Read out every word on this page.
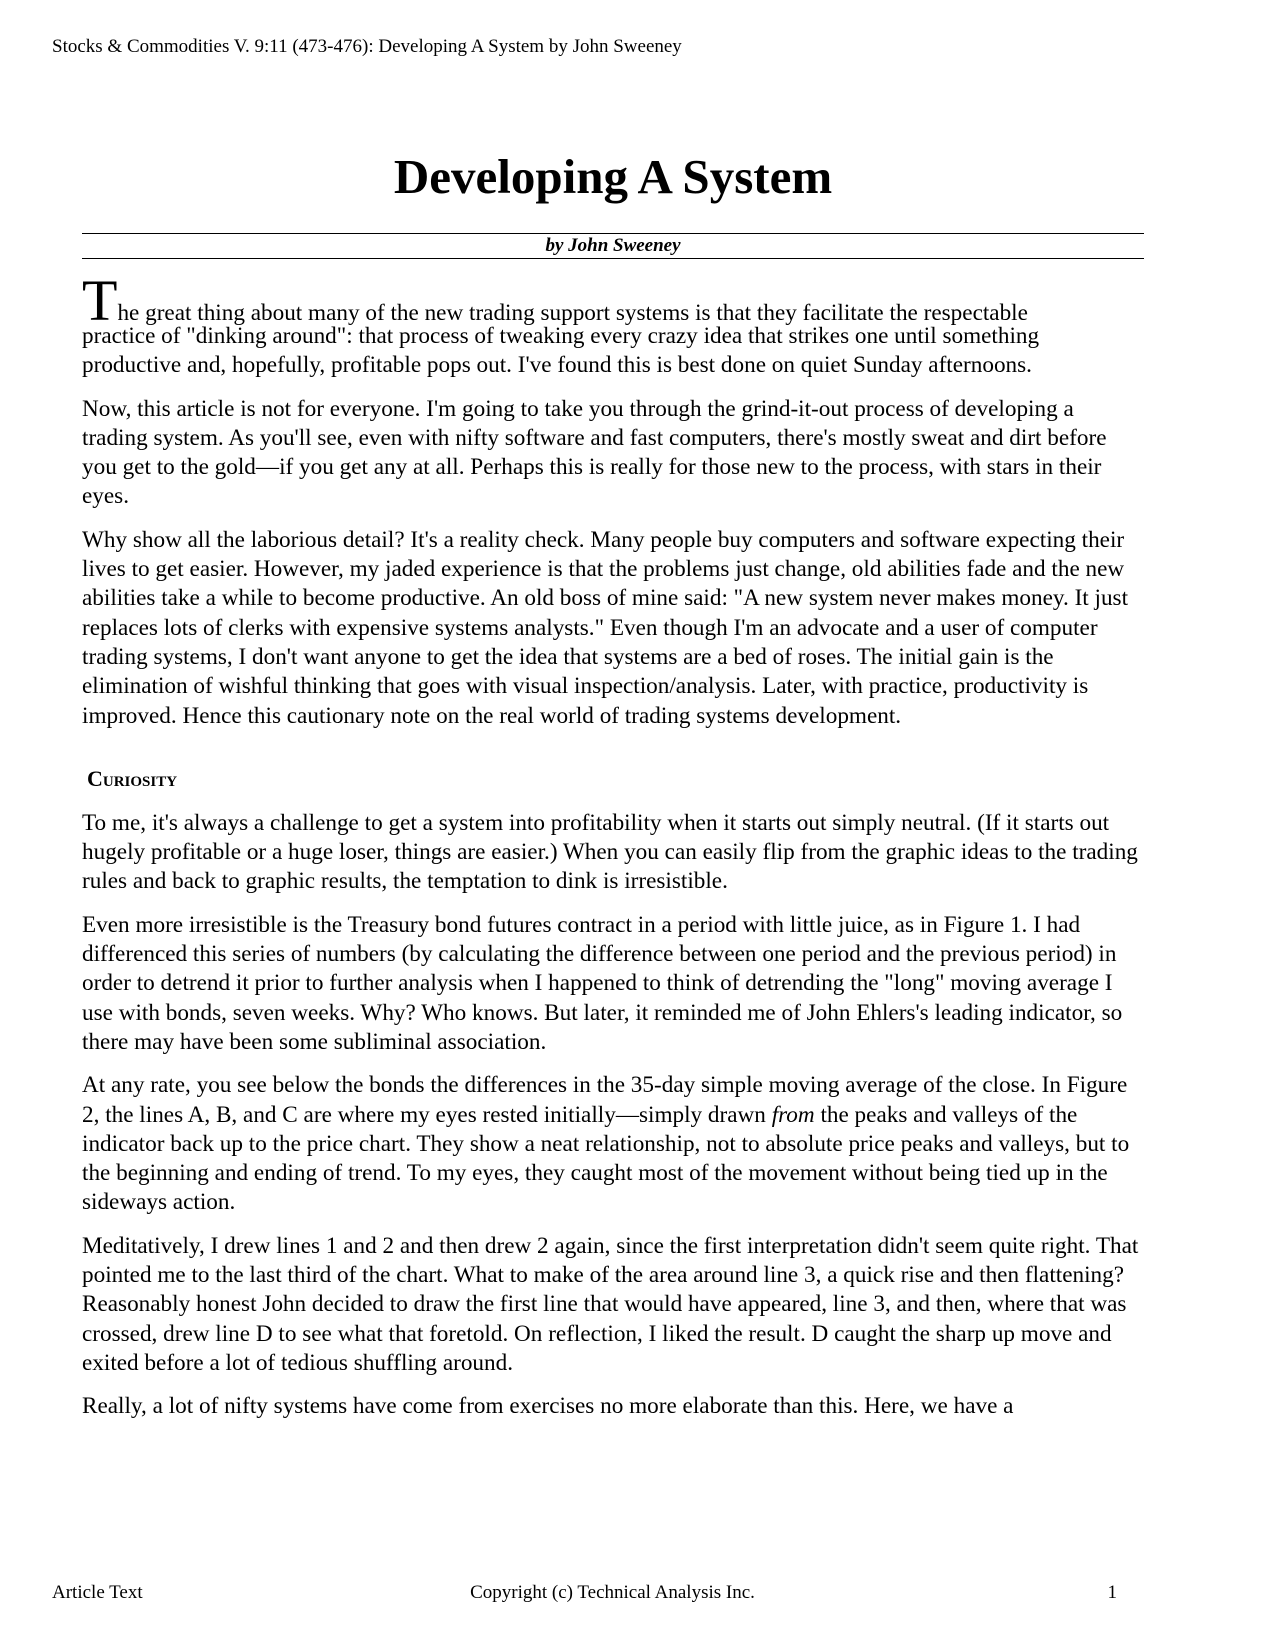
Stocks & Commodities V. 9:11 (473-476): Developing A System by John Sweeney
Developing A System
by John Sweeney

The great thing about many of the new trading support systems is that they facilitate the respectable
practice of "dinking around": that process of tweaking every crazy idea that strikes one until something productive and, hopefully, profitable pops out. I've found this is best done on quiet Sunday afternoons.

Now, this article is not for everyone. I'm going to take you through the grind-it-out process of developing a trading system. As you'll see, even with nifty software and fast computers, there's mostly sweat and dirt before you get to the gold—if you get any at all. Perhaps this is really for those new to the process, with stars in their eyes.

Why show all the laborious detail? It's a reality check. Many people buy computers and software expecting their lives to get easier. However, my jaded experience is that the problems just change, old abilities fade and the new abilities take a while to become productive. An old boss of mine said: "A new system never makes money. It just replaces lots of clerks with expensive systems analysts." Even though I'm an advocate and a user of computer trading systems, I don't want anyone to get the idea that systems are a bed of roses. The initial gain is the elimination of wishful thinking that goes with visual inspection/analysis. Later, with practice, productivity is improved. Hence this cautionary note on the real world of trading systems development.

Curiosity

To me, it's always a challenge to get a system into profitability when it starts out simply neutral. (If it starts out hugely profitable or a huge loser, things are easier.) When you can easily flip from the graphic ideas to the trading rules and back to graphic results, the temptation to dink is irresistible.

Even more irresistible is the Treasury bond futures contract in a period with little juice, as in Figure 1. I had differenced this series of numbers (by calculating the difference between one period and the previous period) in order to detrend it prior to further analysis when I happened to think of detrending the "long" moving average I use with bonds, seven weeks. Why? Who knows. But later, it reminded me of John Ehlers's leading indicator, so there may have been some subliminal association.

At any rate, you see below the bonds the differences in the 35-day simple moving average of the close. In Figure 2, the lines A, B, and C are where my eyes rested initially—simply drawn from the peaks and valleys of the indicator back up to the price chart. They show a neat relationship, not to absolute price peaks and valleys, but to the beginning and ending of trend. To my eyes, they caught most of the movement without being tied up in the sideways action.

Meditatively, I drew lines 1 and 2 and then drew 2 again, since the first interpretation didn't seem quite right. That pointed me to the last third of the chart. What to make of the area around line 3, a quick rise and then flattening? Reasonably honest John decided to draw the first line that would have appeared, line 3, and then, where that was crossed, drew line D to see what that foretold. On reflection, I liked the result. D caught the sharp up move and exited before a lot of tedious shuffling around.

Really, a lot of nifty systems have come from exercises no more elaborate than this. Here, we have a

Article Text	Copyright (c) Technical Analysis Inc.	1
